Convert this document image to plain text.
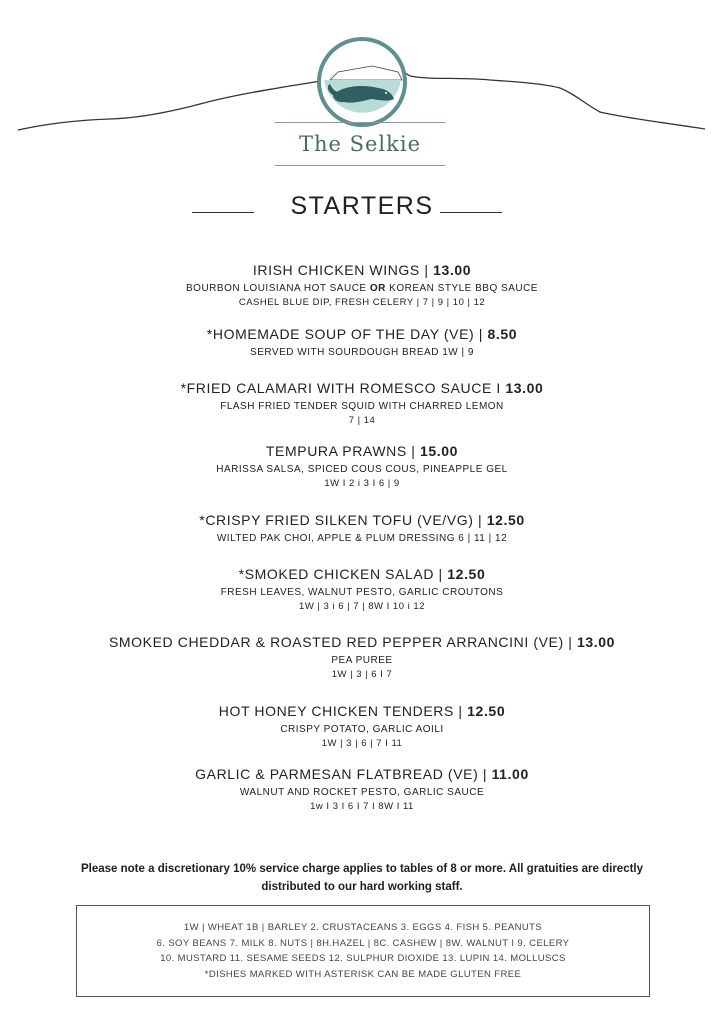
The Selkie
STARTERS
IRISH CHICKEN WINGS | 13.00
BOURBON LOUISIANA HOT SAUCE OR KOREAN STYLE BBQ SAUCE
CASHEL BLUE DIP, FRESH CELERY | 7 | 9 | 10 | 12
*HOMEMADE SOUP OF THE DAY (VE) | 8.50
SERVED WITH SOURDOUGH BREAD 1W | 9
*FRIED CALAMARI WITH ROMESCO SAUCE I 13.00
FLASH FRIED TENDER SQUID WITH CHARRED LEMON
7 | 14
TEMPURA PRAWNS | 15.00
HARISSA SALSA, SPICED COUS COUS, PINEAPPLE GEL
1W I 2 i 3 I 6 | 9
*CRISPY FRIED SILKEN TOFU (VE/VG) | 12.50
WILTED PAK CHOI, APPLE & PLUM DRESSING 6 | 11 | 12
*SMOKED CHICKEN SALAD | 12.50
FRESH LEAVES, WALNUT PESTO, GARLIC CROUTONS
1W | 3 i 6 | 7 | 8W I 10 i 12
SMOKED CHEDDAR & ROASTED RED PEPPER ARRANCINI (VE) | 13.00
PEA PUREE
1W | 3 | 6 I 7
HOT HONEY CHICKEN TENDERS | 12.50
CRISPY POTATO, GARLIC AOILI
1W | 3 | 6 | 7 I 11
GARLIC & PARMESAN FLATBREAD (VE) | 11.00
WALNUT AND ROCKET PESTO, GARLIC SAUCE
1w I 3 I 6 I 7 I 8W I 11
Please note a discretionary 10% service charge applies to tables of 8 or more. All gratuities are directly distributed to our hard working staff.
1W | WHEAT 1B | BARLEY 2. CRUSTACEANS 3. EGGS 4. FISH 5. PEANUTS
6. SOY BEANS 7. MILK 8. NUTS | 8H.HAZEL | 8C. CASHEW | 8W. WALNUT I 9. CELERY
10. MUSTARD 11. SESAME SEEDS 12. SULPHUR DIOXIDE 13. LUPIN 14. MOLLUSCS
*DISHES MARKED WITH ASTERISK CAN BE MADE GLUTEN FREE
